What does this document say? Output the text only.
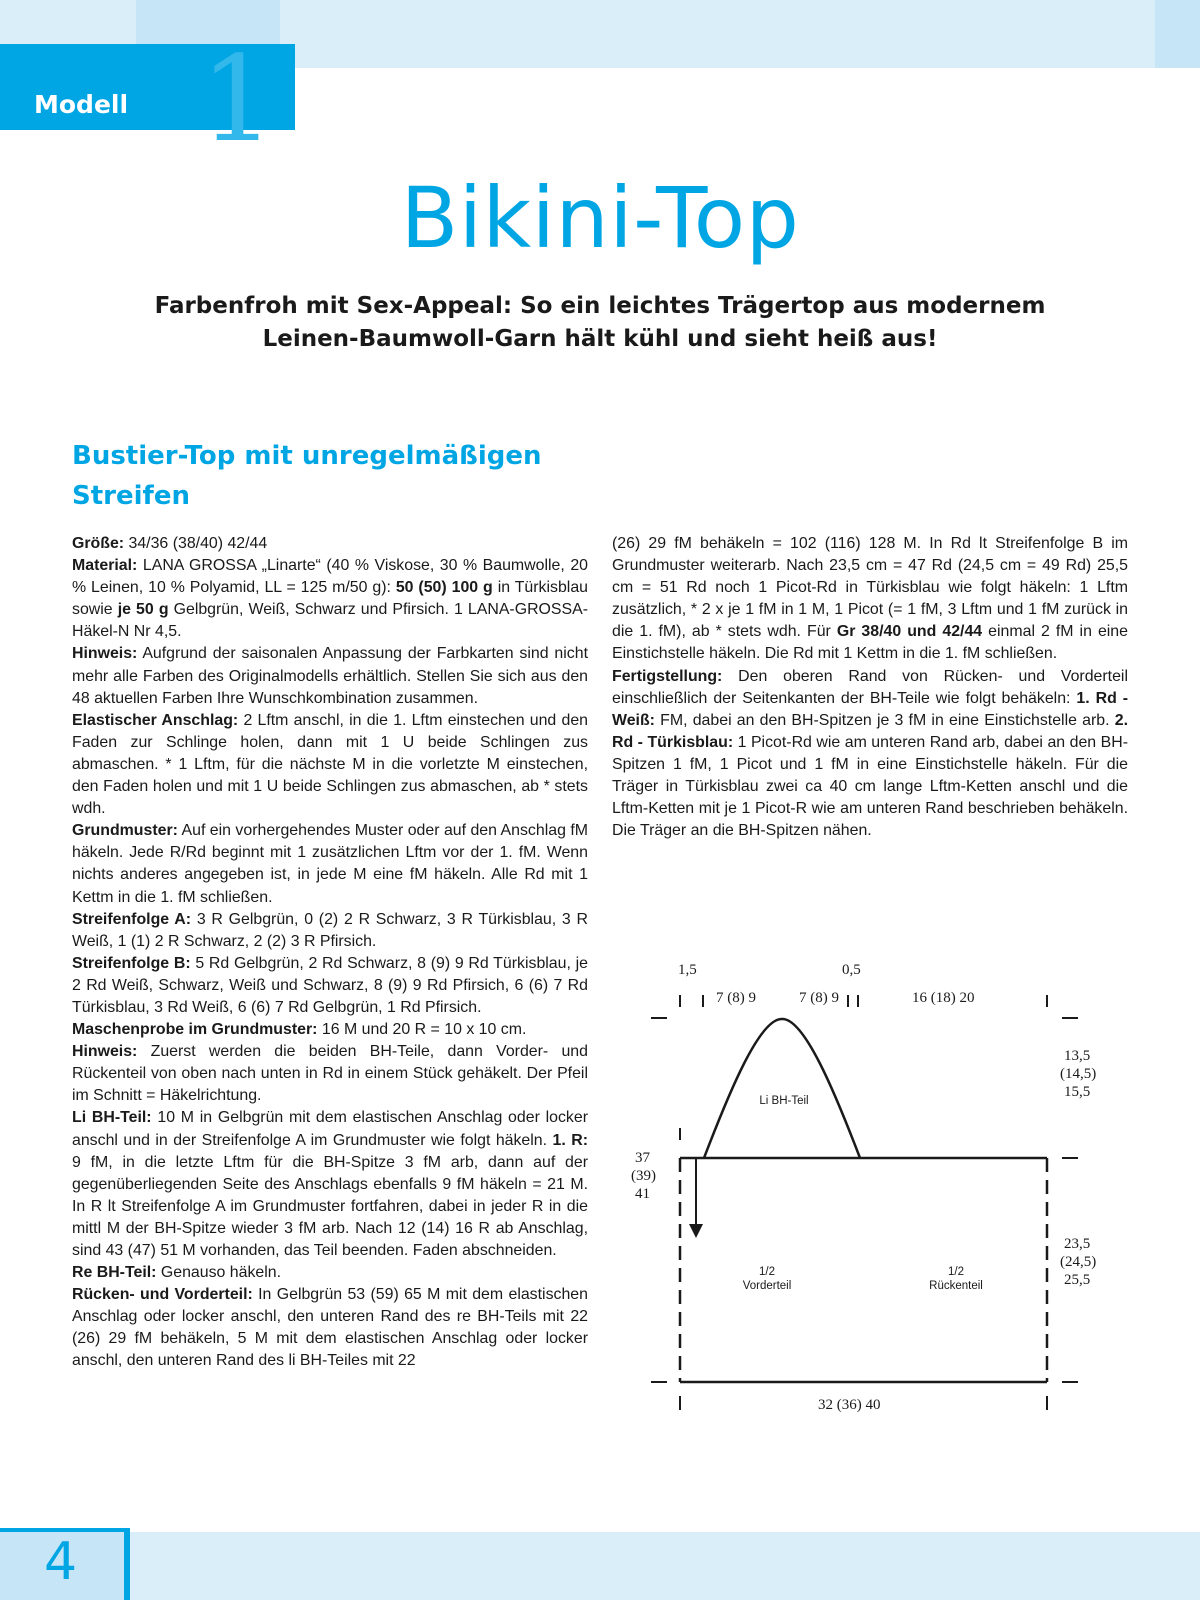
Modell 1
Bikini-Top
Farbenfroh mit Sex-Appeal: So ein leichtes Trägertop aus modernem
Leinen-Baumwoll-Garn hält kühl und sieht heiß aus!
Bustier-Top mit unregelmäßigen
Streifen

Größe: 34/36 (38/40) 42/44

Material: LANA GROSSA „Linarte“ (40 % Viskose, 30 % Baumwolle, 20 % Leinen, 10 % Polyamid, LL = 125 m/50 g): 50 (50) 100 g in Türkisblau sowie je 50 g Gelbgrün, Weiß, Schwarz und Pfirsich. 1 LANA-GROSSA-Häkel-N Nr 4,5.

Hinweis: Aufgrund der saisonalen Anpassung der Farbkarten sind nicht mehr alle Farben des Originalmodells erhältlich. Stellen Sie sich aus den 48 aktuellen Farben Ihre Wunschkombination zusammen.

Elastischer Anschlag: 2 Lftm anschl, in die 1. Lftm einstechen und den Faden zur Schlinge holen, dann mit 1 U beide Schlingen zus abmaschen. * 1 Lftm, für die nächste M in die vorletzte M einstechen, den Faden holen und mit 1 U beide Schlingen zus abmaschen, ab * stets wdh.

Grundmuster: Auf ein vorhergehendes Muster oder auf den Anschlag fM häkeln. Jede R/Rd beginnt mit 1 zusätzlichen Lftm vor der 1. fM. Wenn nichts anderes angegeben ist, in jede M eine fM häkeln. Alle Rd mit 1 Kettm in die 1. fM schließen.

Streifenfolge A: 3 R Gelbgrün, 0 (2) 2 R Schwarz, 3 R Türkisblau, 3 R Weiß, 1 (1) 2 R Schwarz, 2 (2) 3 R Pfirsich.

Streifenfolge B: 5 Rd Gelbgrün, 2 Rd Schwarz, 8 (9) 9 Rd Türkisblau, je 2 Rd Weiß, Schwarz, Weiß und Schwarz, 8 (9) 9 Rd Pfirsich, 6 (6) 7 Rd Türkisblau, 3 Rd Weiß, 6 (6) 7 Rd Gelbgrün, 1 Rd Pfirsich.

Maschenprobe im Grundmuster: 16 M und 20 R = 10 x 10 cm.

Hinweis: Zuerst werden die beiden BH-Teile, dann Vorder- und Rückenteil von oben nach unten in Rd in einem Stück gehäkelt. Der Pfeil im Schnitt = Häkelrichtung.

Li BH-Teil: 10 M in Gelbgrün mit dem elastischen Anschlag oder locker anschl und in der Streifenfolge A im Grundmuster wie folgt häkeln. 1. R: 9 fM, in die letzte Lftm für die BH-Spitze 3 fM arb, dann auf der gegenüberliegenden Seite des Anschlags ebenfalls 9 fM häkeln = 21 M. In R lt Streifenfolge A im Grundmuster fortfahren, dabei in jeder R in die mittl M der BH-Spitze wieder 3 fM arb. Nach 12 (14) 16 R ab Anschlag, sind 43 (47) 51 M vorhanden, das Teil beenden. Faden abschneiden.

Re BH-Teil: Genauso häkeln.

Rücken- und Vorderteil: In Gelbgrün 53 (59) 65 M mit dem elastischen Anschlag oder locker anschl, den unteren Rand des re BH-Teils mit 22 (26) 29 fM behäkeln, 5 M mit dem elastischen Anschlag oder locker anschl, den unteren Rand des li BH-Teiles mit 22

(26) 29 fM behäkeln = 102 (116) 128 M. In Rd lt Streifenfolge B im Grundmuster weiterarb. Nach 23,5 cm = 47 Rd (24,5 cm = 49 Rd) 25,5 cm = 51 Rd noch 1 Picot-Rd in Türkisblau wie folgt häkeln: 1 Lftm zusätzlich, * 2 x je 1 fM in 1 M, 1 Picot (= 1 fM, 3 Lftm und 1 fM zurück in die 1. fM), ab * stets wdh. Für Gr 38/40 und 42/44 einmal 2 fM in eine Einstichstelle häkeln. Die Rd mit 1 Kettm in die 1. fM schließen.

Fertigstellung: Den oberen Rand von Rücken- und Vorderteil einschließlich der Seitenkanten der BH-Teile wie folgt behäkeln: 1. Rd - Weiß: FM, dabei an den BH-Spitzen je 3 fM in eine Einstichstelle arb. 2. Rd - Türkisblau: 1 Picot-Rd wie am unteren Rand arb, dabei an den BH-Spitzen 1 fM, 1 Picot und 1 fM in eine Einstichstelle häkeln. Für die Träger in Türkisblau zwei ca 40 cm lange Lftm-Ketten anschl und die Lftm-Ketten mit je 1 Picot-R wie am unteren Rand beschrieben behäkeln. Die Träger an die BH-Spitzen nähen.

1,5	0,5
7 (8) 9	7 (8) 9	16 (18) 20
13,5
(14,5)
15,5
37
(39)
41
23,5
(24,5)
25,5
32 (36) 40
Li BH-Teil
1/2
Vorderteil
1/2
Rückenteil
4
